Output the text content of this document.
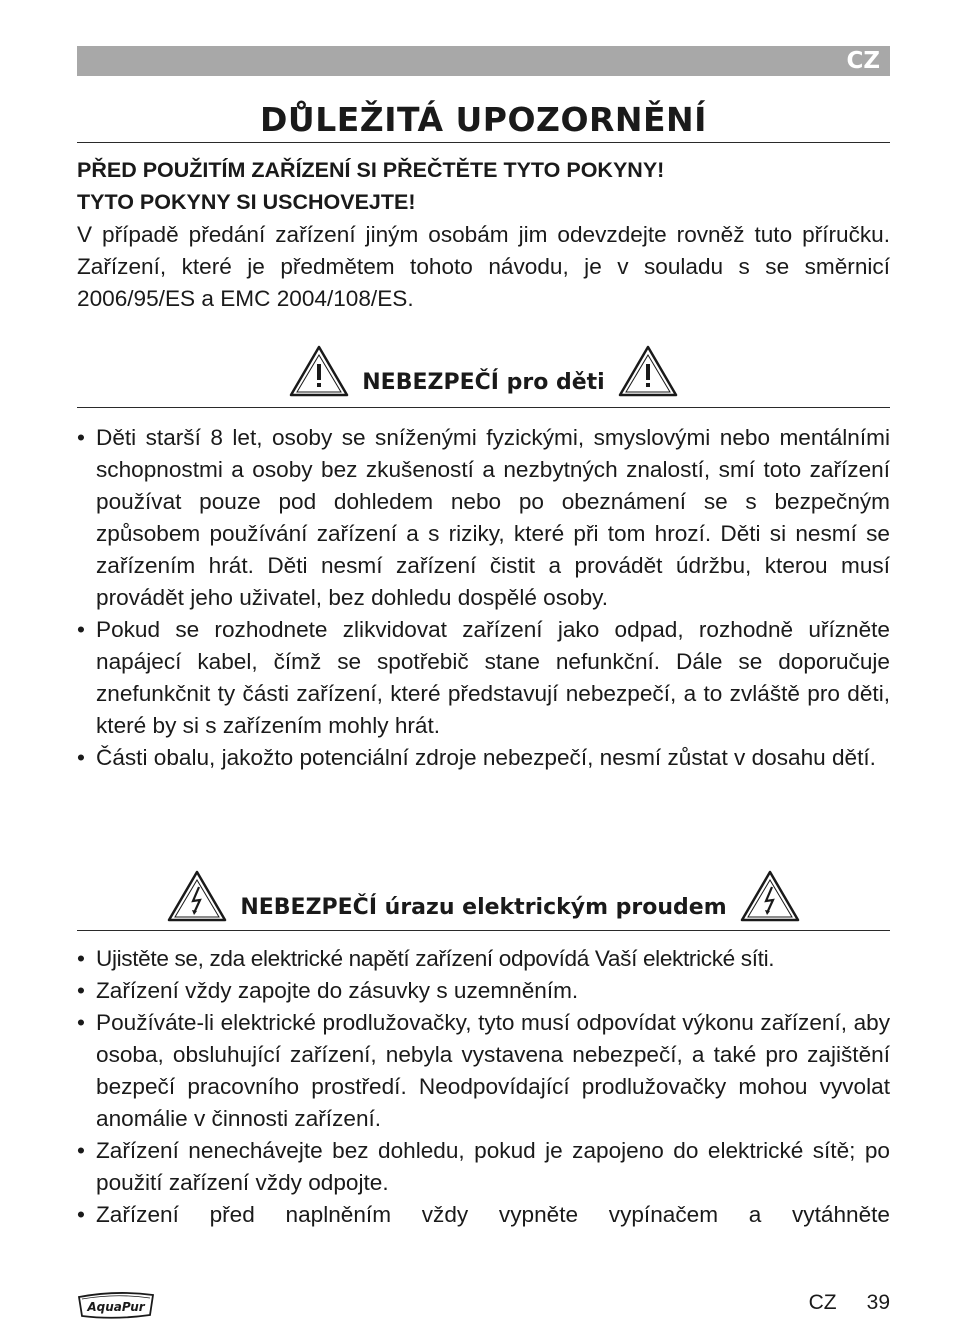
CZ
DŮLEŽITÁ UPOZORNĚNÍ
PŘED POUŽITÍM ZAŘÍZENÍ SI PŘEČTĚTE TYTO POKYNY!
TYTO POKYNY SI USCHOVEJTE!
V případě předání zařízení jiným osobám jim odevzdejte rovněž tuto příručku. Zařízení, které je předmětem tohoto návodu, je v souladu s se směrnicí 2006/95/ES a EMC 2004/108/ES.
NEBEZPEČÍ pro děti
• Děti starší 8 let, osoby se sníženými fyzickými, smyslovými nebo mentálními schopnostmi a osoby bez zkušeností a nezbytných znalostí, smí toto zařízení používat pouze pod dohledem nebo po obeznámení se s bezpečným způsobem používání zařízení a s riziky, které při tom hrozí. Děti si nesmí se zařízením hrát. Děti nesmí zařízení čistit a provádět údržbu, kterou musí provádět jeho uživatel, bez dohledu dospělé osoby.
• Pokud se rozhodnete zlikvidovat zařízení jako odpad, rozhodně uřízněte napájecí kabel, čímž se spotřebič stane nefunkční. Dále se doporučuje znefunkčnit ty části zařízení, které představují nebezpečí, a to zvláště pro děti, které by si s zařízením mohly hrát.
• Části obalu, jakožto potenciální zdroje nebezpečí, nesmí zůstat v dosahu dětí.
NEBEZPEČÍ úrazu elektrickým proudem
• Ujistěte se, zda elektrické napětí zařízení odpovídá Vaší elektrické síti.
• Zařízení vždy zapojte do zásuvky s uzemněním.
• Používáte-li elektrické prodlužovačky, tyto musí odpovídat výkonu zařízení, aby osoba, obsluhující zařízení, nebyla vystavena nebezpečí, a také pro zajištění bezpečí pracovního prostředí. Neodpovídající prodlužovačky mohou vyvolat anomálie v činnosti zařízení.
• Zařízení nenechávejte bez dohledu, pokud je zapojeno do elektrické sítě; po použití zařízení vždy odpojte.
• Zařízení před naplněním vždy vypněte vypínačem a vytáhněte
AquaPur	CZ 39
